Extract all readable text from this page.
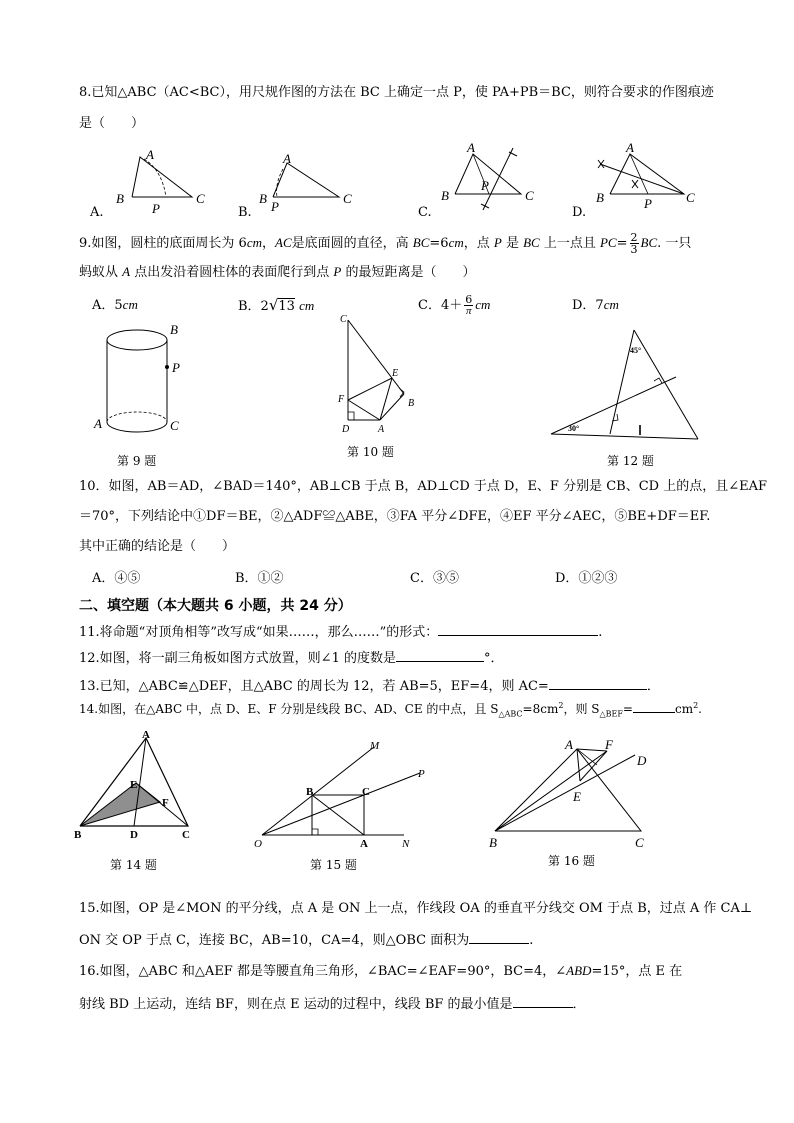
8.已知△ABC（AC<BC），用尺规作图的方法在 BC 上确定一点 P，使 PA+PB＝BC，则符合要求的作图痕迹
是（　　）
A.
A
B
P
C
B.
A
B
P
C
C.
A
B
P
C
D.
A
B	P	C
9.如图，圆柱的底面周长为 6cm，AC是底面圆的直径，高 BC=6cm，点 P 是 BC 上一点且 $PC= \frac{2}{3}$ BC. 一只
蚂蚁从 A 点出发沿着圆柱体的表面爬行到点 P 的最短距离是（　　）
A．5cm	B．2√13 cm	C．$4+ \frac{6}{\pi}$ cm	D．7cm
B
P
A	C
第 9 题
C
E
F	B
D	A
第 10 题
45°
30°
第 12 题
10．如图，AB＝AD，∠BAD＝140°，AB⊥CB 于点 B，AD⊥CD 于点 D，E、F 分别是 CB、CD 上的点，且∠EAF
＝70°，下列结论中①DF＝BE，②△ADF≌△ABE，③FA 平分∠DFE，④EF 平分∠AEC，⑤BE+DF＝EF.
其中正确的结论是（　　）
A．④⑤	B．①②	C．③⑤	D．①②③
二、填空题（本大题共 6 小题，共 24 分）
11.将命题“对顶角相等”改写成“如果……，那么……”的形式：	.
12.如图，将一副三角板如图方式放置，则∠1 的度数是	°．
13.已知，△ABC≌△DEF，且△ABC 的周长为 12，若 AB=5，EF=4，则 AC=	．
14.如图，在△ABC 中，点 D、E、F 分别是线段 BC、AD、CE 的中点，且 $S_{\triangle ABC}=8cm^2$，则 $S_{\triangle BEF}=$	$cm^2$.
A
E
F
B	D	C
第 14 题
M
P
B	C
O	A	N
第 15 题
A F
D
E
B	C
第 16 题
15.如图，OP 是∠MON 的平分线，点 A 是 ON 上一点，作线段 OA 的垂直平分线交 OM 于点 B，过点 A 作 CA⊥
ON 交 OP 于点 C，连接 BC，AB=10，CA=4，则△OBC 面积为	.
16.如图，△ABC 和△AEF 都是等腰直角三角形，∠BAC=∠EAF=90°，BC=4，∠ABD=15°，点 E 在
射线 BD 上运动，连结 BF，则在点 E 运动的过程中，线段 BF 的最小值是	．
